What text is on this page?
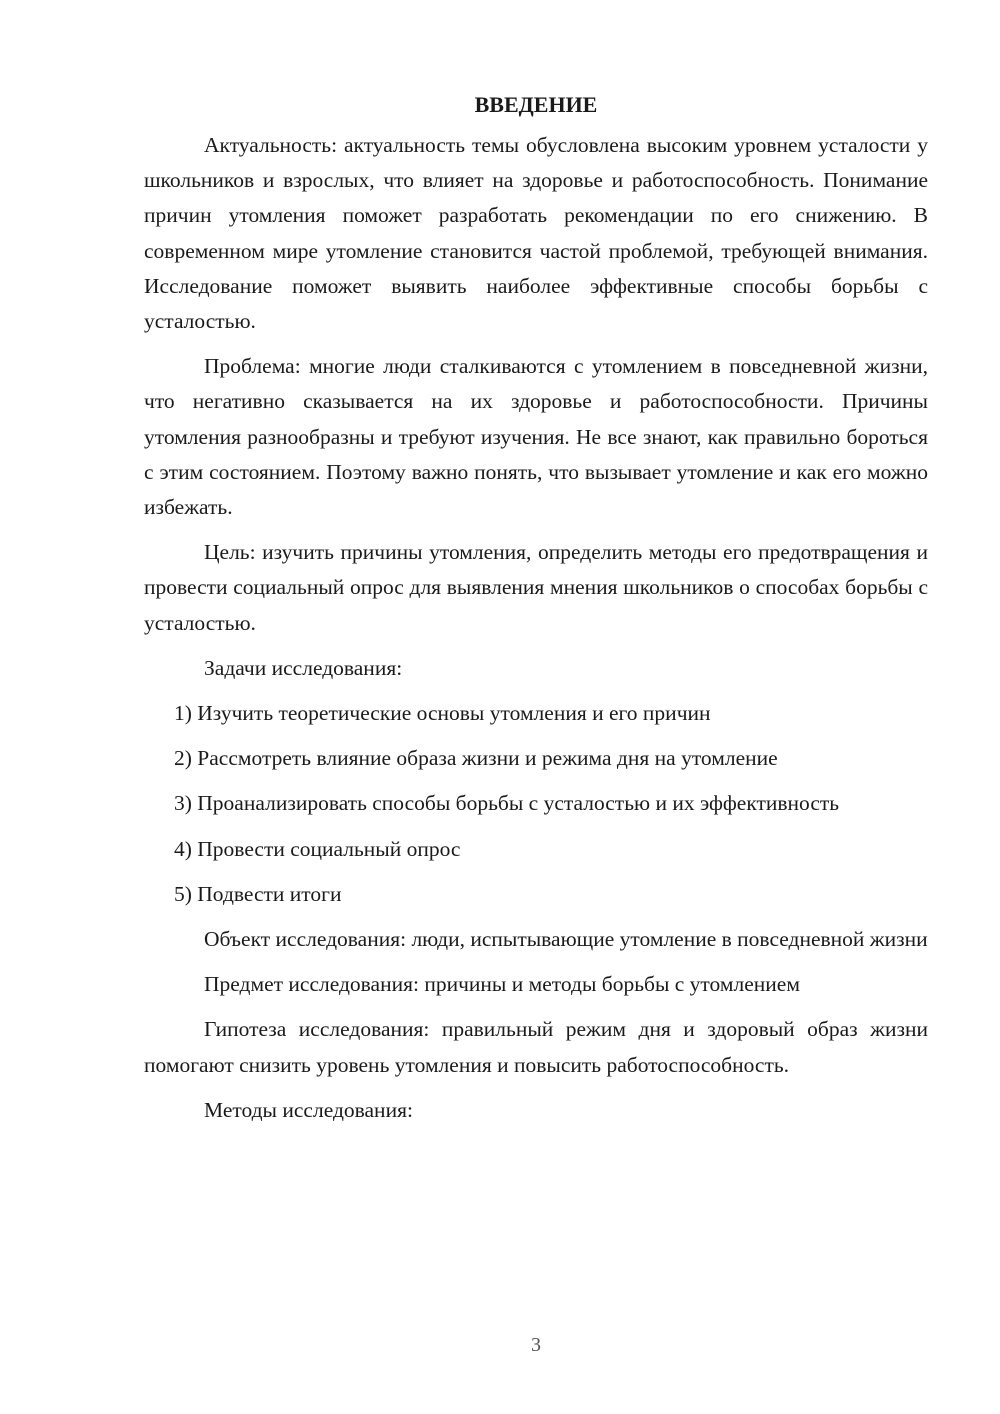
ВВЕДЕНИЕ

Актуальность: актуальность темы обусловлена высоким уровнем усталости у школьников и взрослых, что влияет на здоровье и работоспособность. Понимание причин утомления поможет разработать рекомендации по его снижению. В современном мире утомление становится частой проблемой, требующей внимания. Исследование поможет выявить наиболее эффективные способы борьбы с усталостью.

Проблема: многие люди сталкиваются с утомлением в повседневной жизни, что негативно сказывается на их здоровье и работоспособности. Причины утомления разнообразны и требуют изучения. Не все знают, как правильно бороться с этим состоянием. Поэтому важно понять, что вызывает утомление и как его можно избежать.

Цель: изучить причины утомления, определить методы его предотвращения и провести социальный опрос для выявления мнения школьников о способах борьбы с усталостью.

Задачи исследования:

1) Изучить теоретические основы утомления и его причин

2) Рассмотреть влияние образа жизни и режима дня на утомление

3) Проанализировать способы борьбы с усталостью и их эффективность

4) Провести социальный опрос

5) Подвести итоги

Объект исследования: люди, испытывающие утомление в повседневной жизни

Предмет исследования: причины и методы борьбы с утомлением

Гипотеза исследования: правильный режим дня и здоровый образ жизни помогают снизить уровень утомления и повысить работоспособность.

Методы исследования:

3
